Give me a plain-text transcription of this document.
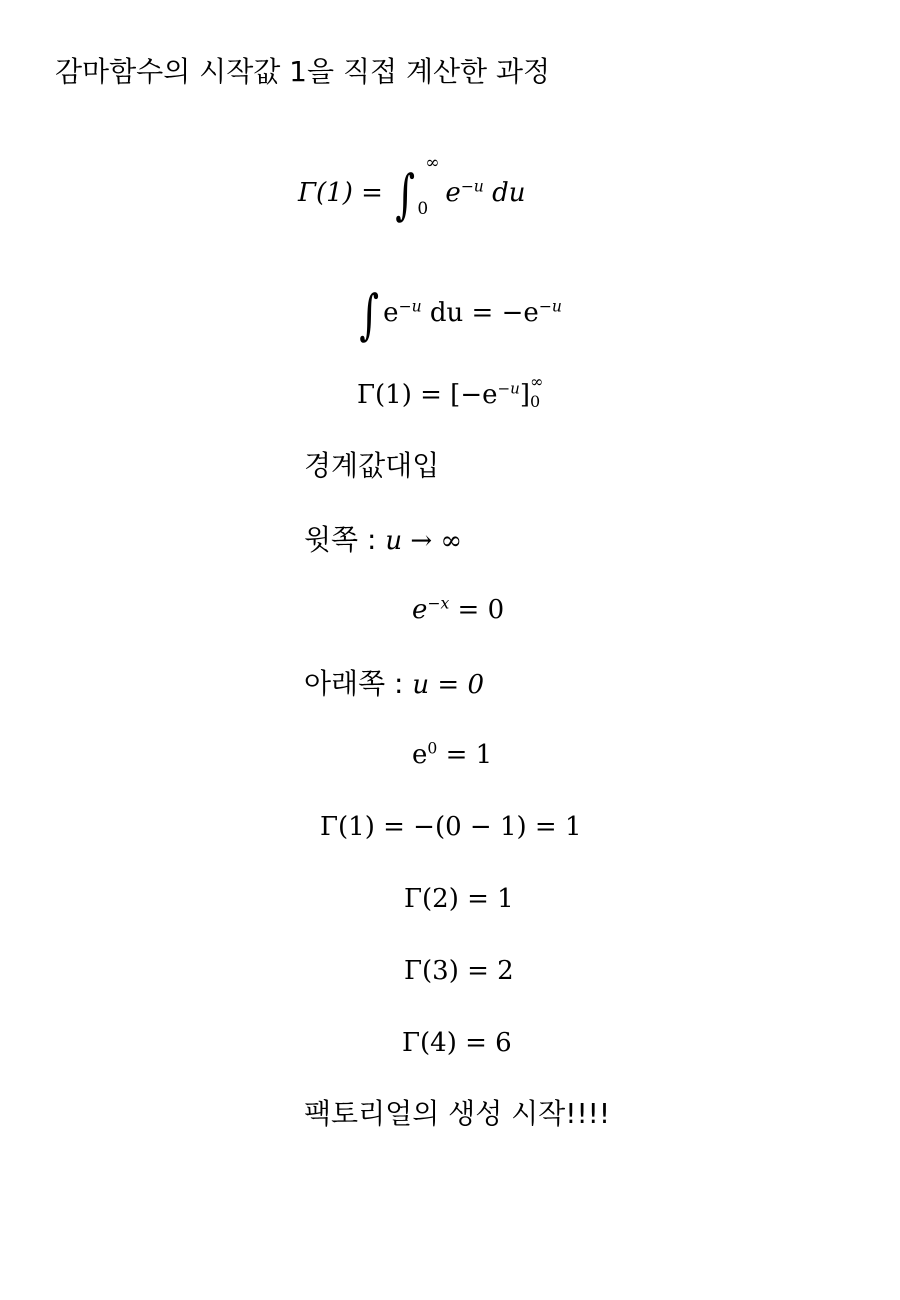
감마함수의 시작값 1을 직접 계산한 과정
Γ(1) = ∫ ∞
0
$e^{-u}$ du
∫ $e^{-u}$ du = $-e^{-u}$
$\Gamma(1) = [-e^{-u}]$ ∞
0
경계값대입
윗쪽 : u → ∞
$e^{-x} = 0$
아래쪽 : u = 0
$e^0 = 1$
Γ(1) = −(0 − 1) = 1
Γ(2) = 1
Γ(3) = 2
Γ(4) = 6
팩토리얼의 생성 시작!!!!
